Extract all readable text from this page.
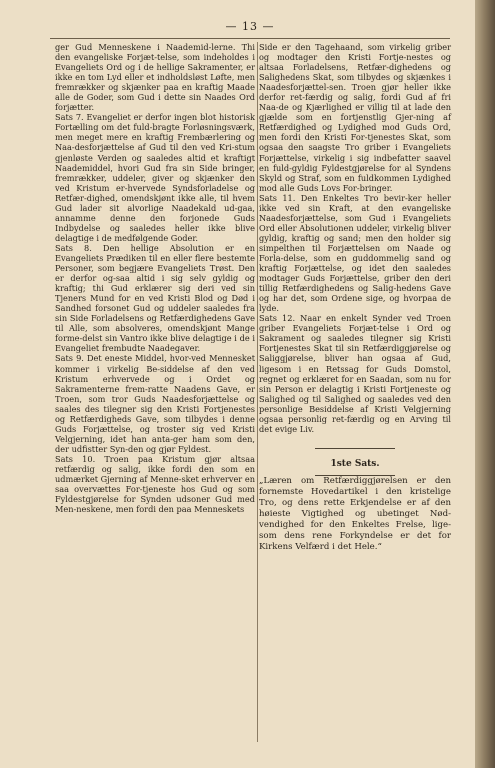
— 13 —

ger Gud Menneskene i Naademid-lerne. Thi den evangeliske Forjæt-telse, som indeholdes i Evangeliets Ord og i de hellige Sakramenter, er ikke en tom Lyd eller et indholdsløst Løfte, men fremrækker og skjænker paa en kraftig Maade alle de Goder, som Gud i dette sin Naades Ord forjætter.

Sats 7. Evangeliet er derfor ingen blot historisk Fortælling om det fuld-bragte Forløsningsværk, men meget mere en kraftig Frembærlering og Naa-desforjættelse af Gud til den ved Kri-stum gjenløste Verden og saaledes altid et kraftigt Naademiddel, hvori Gud fra sin Side bringer, fremrækker, uddeler, giver og skjænker den ved Kristum er-hvervede Syndsforladelse og Retfær-dighed, omendskjønt ikke alle, til hvem Gud lader sit alvorlige Naadekald ud-gaa, annamme denne den forjonede Guds Indbydelse og saaledes heller ikke blive delagtige i de medfølgende Goder.

Sats 8. Den hellige Absolution er en Evangeliets Prædiken til en eller flere bestemte Personer, som begjære Evangeliets Trøst. Den er derfor og-saa altid i sig selv gyldig og kraftig; thi Gud erklærer sig deri ved sin Tjeners Mund for en ved Kristi Blod og Død i Sandhed forsonet Gud og uddeler saaledes fra sin Side Forladelsens og Retfærdighedens Gave til Alle, som absolveres, omendskjønt Mange forme-delst sin Vantro ikke blive delagtige i de i Evangeliet frembudte Naadegaver.

Sats 9. Det eneste Middel, hvor-ved Mennesket kommer i virkelig Be-siddelse af den ved Kristum erhvervede og i Ordet og Sakramenterne frem-ratte Naadens Gave, er Troen, som tror Guds Naadesforjættelse og saales des tilegner sig den Kristi Fortjenestes og Retfærdigheds Gave, som tilbydes i denne Guds Forjættelse, og troster sig ved Kristi Velgjerning, idet han anta-ger ham som den, der udfistter Syn-den og gjør Fyldest.

Sats 10. Troen paa Kristum gjør altsaa retfærdig og salig, ikke fordi den som en udmærket Gjerning af Menne-sket erhverver en saa overvættes For-tjeneste hos Gud og som Fyldestgjørelse for Synden udsoner Gud med Men-neskene, men fordi den paa Menneskets

Side er den Tagehaand, som virkelig griber og modtager den Kristi Fortje-nestes og altsaa Forladelsens, Retfær-dighedens og Salighedens Skat, som tilbydes og skjænkes i Naadesforjættel-sen. Troen gjør heller ikke derfor ret-færdig og salig, fordi Gud af fri Naa-de og Kjærlighed er villig til at lade den gjælde som en fortjenstlig Gjer-ning af Retfærdighed og Lydighed mod Guds Ord, men fordi den Kristi For-tjenestes Skat, som ogsaa den saagste Tro griber i Evangeliets Forjættelse, virkelig i sig indbefatter saavel en fuld-gyldig Fyldestgjørelse for al Syndens Skyld og Straf, som en fuldkommen Lydighed mod alle Guds Lovs For-bringer.

Sats 11. Den Enkeltes Tro bevir-ker heller ikke ved sin Kraft, at den evangeliske Naadesforjættelse, som Gud i Evangeliets Ord eller Absolutionen uddeler, virkelig bliver gyldig, kraftig og sand; men den holder sig simpelthen til Forjættelsen om Naade og Forla-delse, som en guddommelig sand og kraftig Forjættelse, og idet den saaledes modtager Guds Forjættelse, griber den deri tillig Retfærdighedens og Salig-hedens Gave og har det, som Ordene sige, og hvorpaa de lyde.

Sats 12. Naar en enkelt Synder ved Troen griber Evangeliets Forjæt-telse i Ord og Sakrament og saaledes tilegner sig Kristi Fortjenestes Skat til sin Retfærdiggjørelse og Saliggjørelse, bliver han ogsaa af Gud, ligesom i en Retssag for Guds Domstol, regnet og erklæret for en Saadan, som nu for sin Person er delagtig i Kristi Fortjeneste og Salighed og til Salighed og saaledes ved den personlige Besiddelse af Kristi Velgjerning ogsaa personlig ret-færdig og en Arving til det evige Liv.

1ste Sats.

„Læren om Retfærdiggjørelsen er den fornemste Hovedartikel i den kristelige Tro, og dens rette Erkjendelse er af den høieste Vigtighed og ubetinget Nød-vendighed for den Enkeltes Frelse, lige-som dens rene Forkyndelse er det for Kirkens Velfærd i det Hele.“
